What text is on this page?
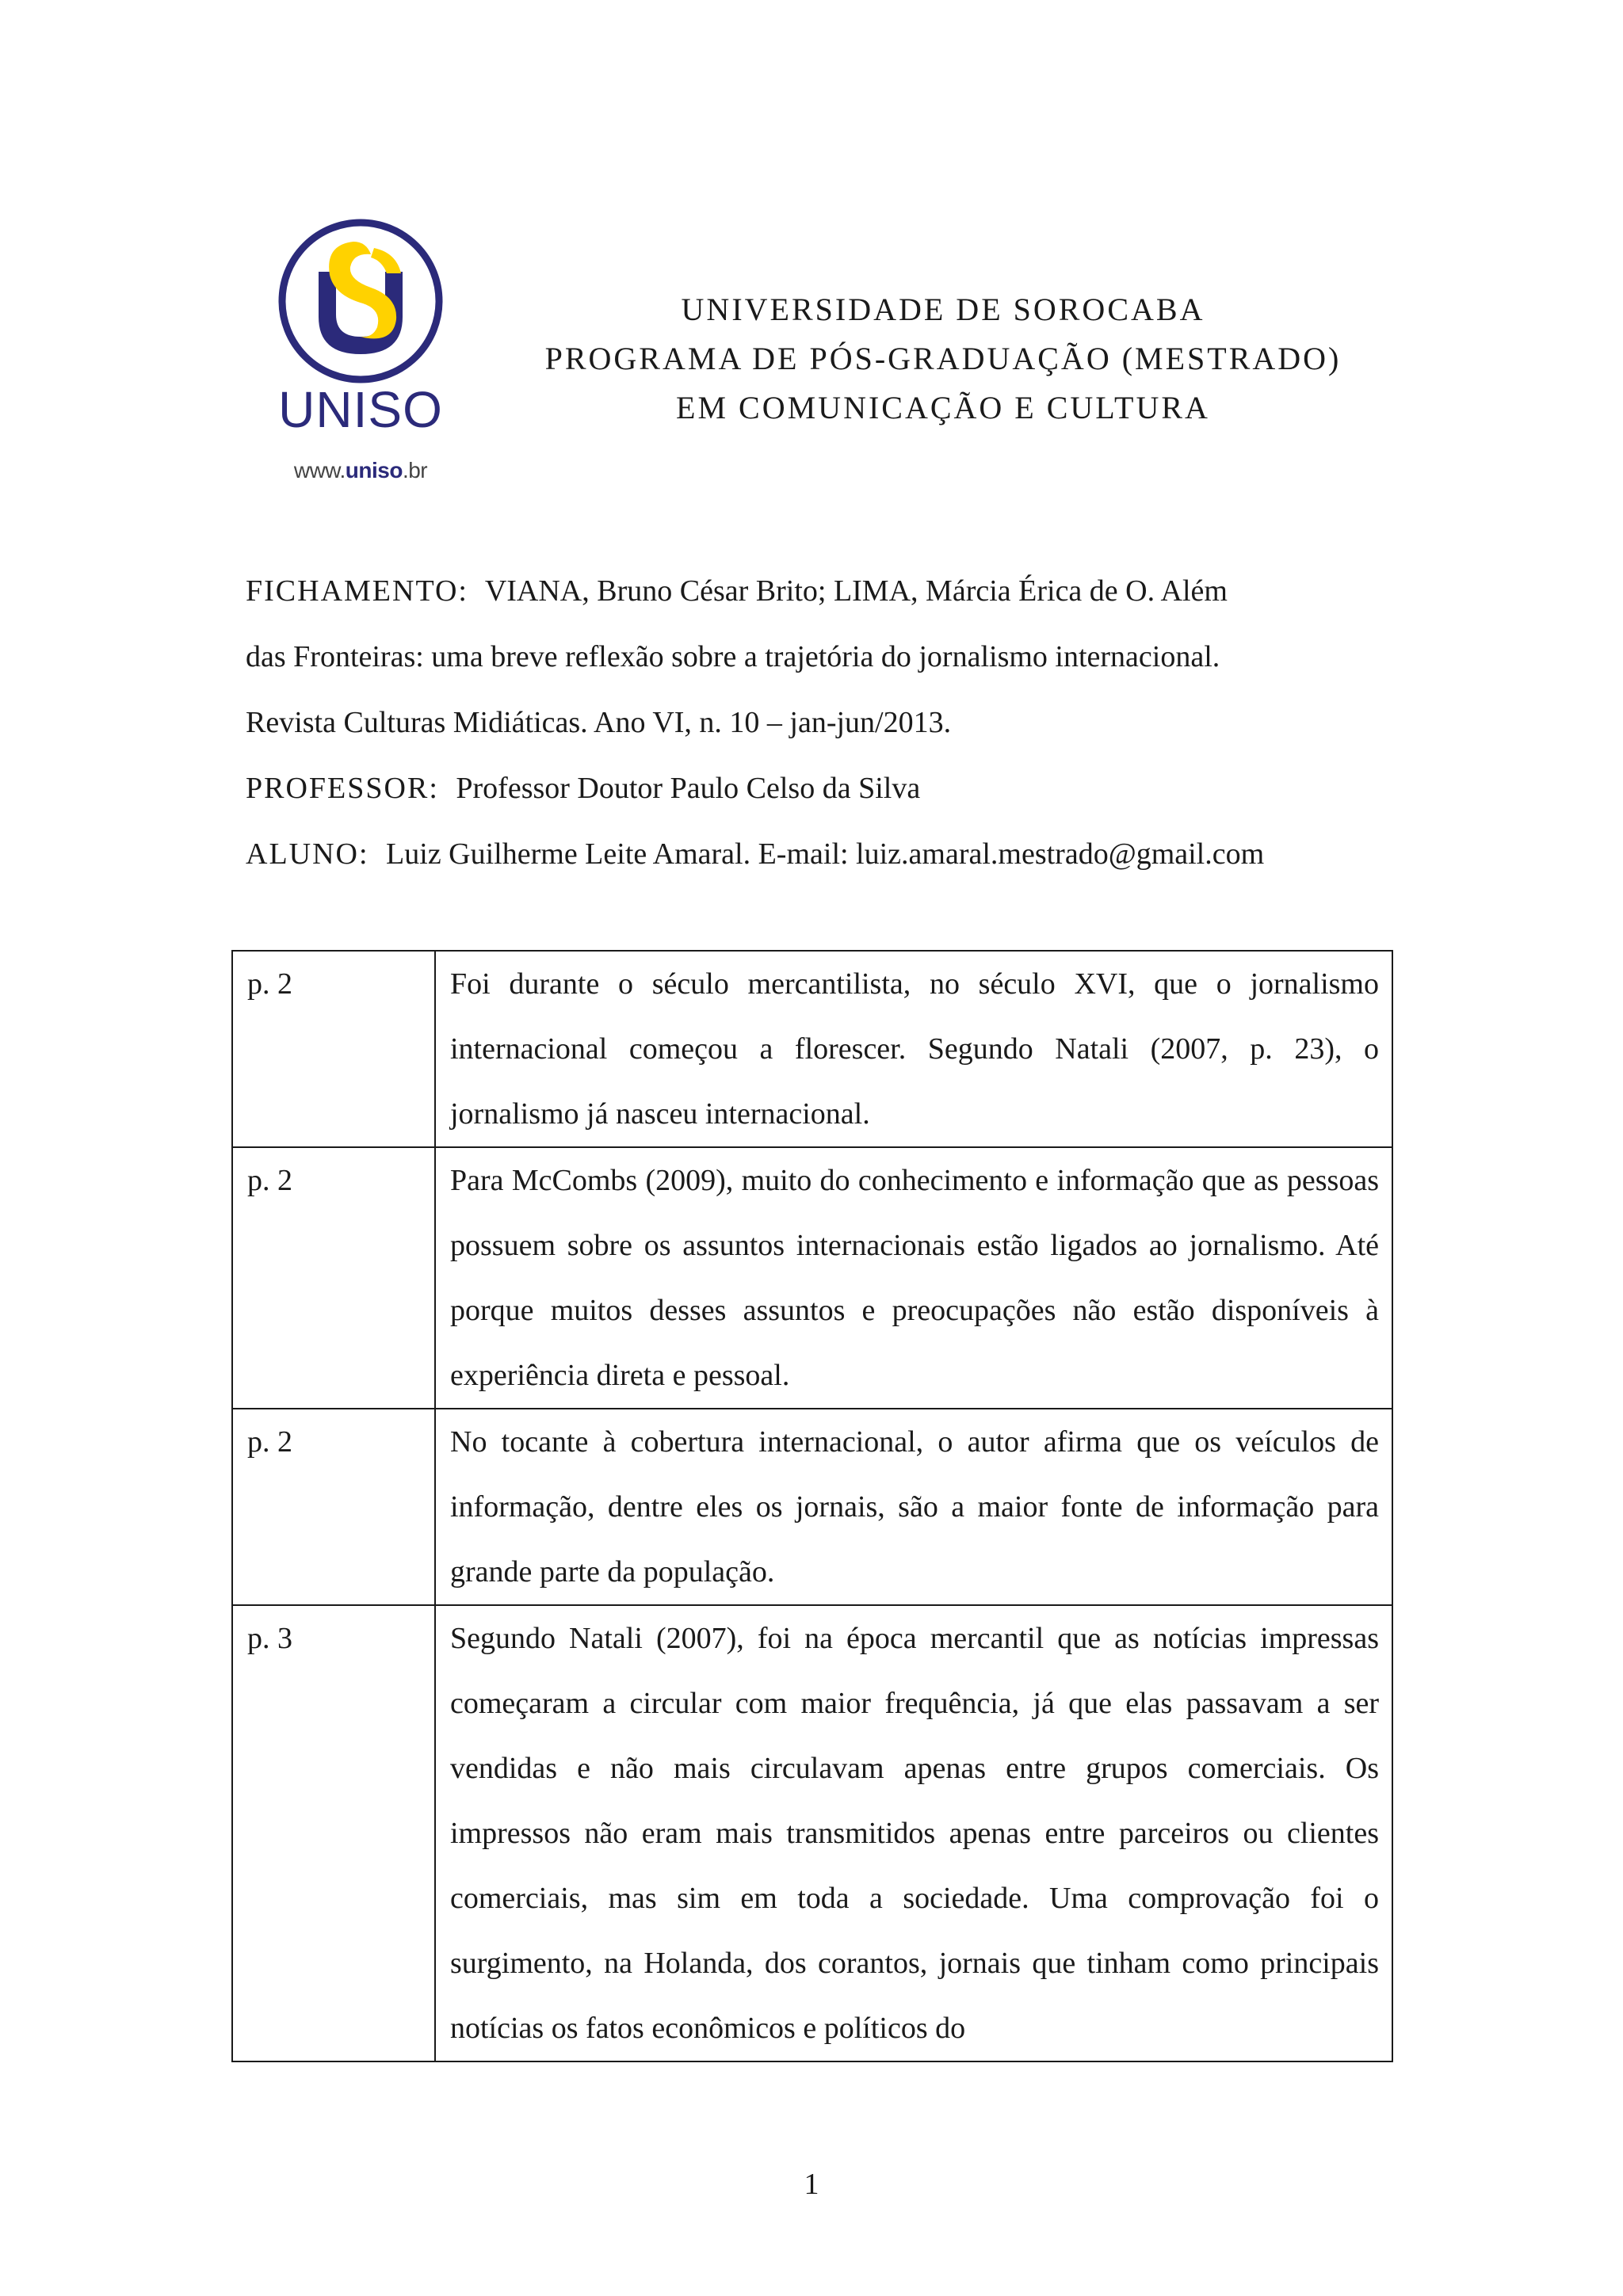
UNISO
www.uniso.br
UNIVERSIDADE DE SOROCABA
PROGRAMA DE PÓS-GRADUAÇÃO (MESTRADO)
EM COMUNICAÇÃO E CULTURA
FICHAMENTO: VIANA, Bruno César Brito; LIMA, Márcia Érica de O. Além
das Fronteiras: uma breve reflexão sobre a trajetória do jornalismo internacional.
Revista Culturas Midiáticas. Ano VI, n. 10 – jan-jun/2013.
PROFESSOR: Professor Doutor Paulo Celso da Silva
ALUNO: Luiz Guilherme Leite Amaral. E-mail: luiz.amaral.mestrado@gmail.com
p. 2	Foi durante o século mercantilista, no século XVI, que o jornalismo internacional começou a florescer. Segundo Natali (2007, p. 23), o jornalismo já nasceu internacional.
p. 2	Para McCombs (2009), muito do conhecimento e informação que as pessoas possuem sobre os assuntos internacionais estão ligados ao jornalismo. Até porque muitos desses assuntos e preocupações não estão disponíveis à experiência direta e pessoal.
p. 2	No tocante à cobertura internacional, o autor afirma que os veículos de informação, dentre eles os jornais, são a maior fonte de informação para grande parte da população.
p. 3	Segundo Natali (2007), foi na época mercantil que as notícias impressas começaram a circular com maior frequência, já que elas passavam a ser vendidas e não mais circulavam apenas entre grupos comerciais. Os impressos não eram mais transmitidos apenas entre parceiros ou clientes comerciais, mas sim em toda a sociedade. Uma comprovação foi o surgimento, na Holanda, dos corantos, jornais que tinham como principais notícias os fatos econômicos e políticos do
1
